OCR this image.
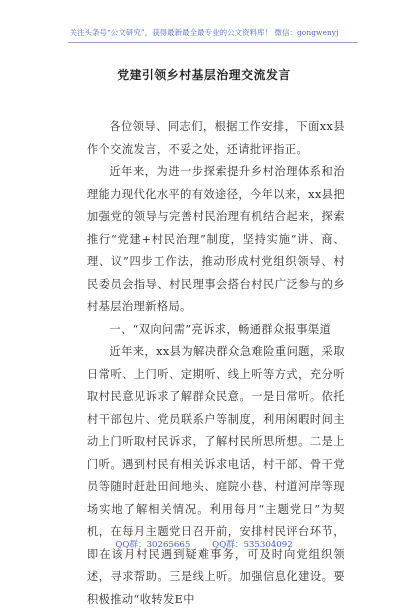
关注头条号“公文研究”，获得最新最全最专业的公文资料库！ 微信：gongwenyj
党建引领乡村基层治理交流发言

各位领导、同志们，根据工作安排，下面xx县作个交流发言，不妥之处，还请批评指正。

近年来，为进一步探索提升乡村治理体系和治理能力现代化水平的有效途径，今年以来，xx县把加强党的领导与完善村民治理有机结合起来，探索推行“党建+村民治理”制度，坚持实施“讲、商、理、议”四步工作法，推动形成村党组织领导、村民委员会指导、村民理事会搭台村民广泛参与的乡村基层治理新格局。

一、“双向问需”亮诉求，畅通群众报事渠道

近年来，xx县为解决群众急难险重问题，采取日常听、上门听、定期听、线上听等方式，充分听取村民意见诉求了解群众民意。一是日常听。依托村干部包片、党员联系户等制度，利用闲暇时间主动上门听取村民诉求，了解村民所思所想。二是上门听。遇到村民有相关诉求电话，村干部、骨干党员等随时赶赴田间地头、庭院小巷、村道河岸等现场实地了解相关情况。利用每月“主题党日”为契机，在每月主题党日召开前，安排村民评台环节，即在该月村民遇到疑难事务，可及时向党组织领述，寻求帮助。三是线上听。加强信息化建设。要积极推动“收转发E中

QQ群：30265665        QQ群：535304092
